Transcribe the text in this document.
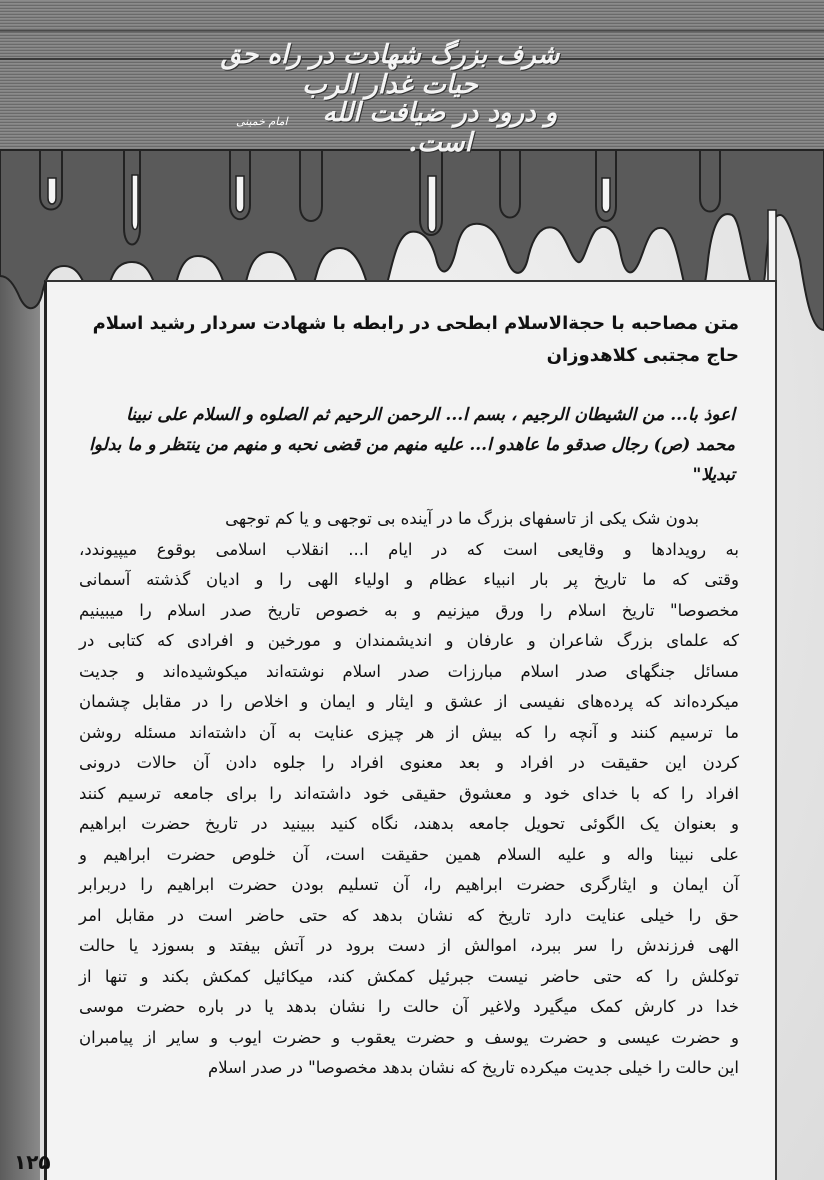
شرف بزرگ شهادت در راه حق حیات غدار الرب
و درود در ضیافت الله است.
امام خمینی
متن مصاحبه با حجةالاسلام ابطحی در رابطه با شهادت سردار رشید اسلام حاج مجتبی کلاهدوزان
اعوذ با... من الشیطان الرجیم ، بسم ا... الرحمن الرحیم ثم الصلوه و السلام علی نبینا محمد (ص) رجال صدقو ما عاهدو ا... علیه منهم من قضی نحبه و منهم من ینتظر و ما بدلوا تبدیلا"
بدون شک یکی از تاسفهای بزرگ ما در آینده بی توجهی و یا کم توجهی
به رویدادها و وقایعی است که در ایام ا... انقلاب اسلامی بوقوع میپیوندد،
وقتی که ما تاریخ پر بار انبیاء عظام و اولیاء الهی را و ادیان گذشته آسمانی
مخصوصا" تاریخ اسلام را ورق میزنیم و به خصوص تاریخ صدر اسلام را میبینیم
که علمای بزرگ شاعران و عارفان و اندیشمندان و مورخین و افرادی که کتابی در
مسائل جنگهای صدر اسلام مبارزات صدر اسلام نوشته‌اند میکوشیده‌اند و جدیت
میکرده‌اند که پرده‌های نفیسی از عشق و ایثار و ایمان و اخلاص را در مقابل چشمان
ما ترسیم کنند و آنچه را که بیش از هر چیزی عنایت به آن داشته‌اند مسئله روشن
کردن این حقیقت در افراد و بعد معنوی افراد را جلوه دادن آن حالات درونی
افراد را که با خدای خود و معشوق حقیقی خود داشته‌اند را برای جامعه ترسیم کنند
و بعنوان یک الگوئی تحویل جامعه بدهند، نگاه کنید ببینید در تاریخ حضرت ابراهیم
علی نبینا واله و علیه السلام همین حقیقت است، آن خلوص حضرت ابراهیم و
آن ایمان و ایثارگری حضرت ابراهیم را، آن تسلیم بودن حضرت ابراهیم را دربرابر
حق را خیلی عنایت دارد تاریخ که نشان بدهد که حتی حاضر است در مقابل امر
الهی فرزندش را سر ببرد، اموالش از دست برود در آتش بیفتد و بسوزد یا حالت
توکلش را که حتی حاضر نیست جبرئیل کمکش کند، میکائیل کمکش بکند و تنها از
خدا در کارش کمک میگیرد ولاغیر آن حالت را نشان بدهد یا در باره حضرت موسی
و حضرت عیسی و حضرت یوسف و حضرت یعقوب و حضرت ایوب و سایر از پیامبران
این حالت را خیلی جدیت میکرده تاریخ که نشان بدهد مخصوصا" در صدر اسلام
۱۲۵
